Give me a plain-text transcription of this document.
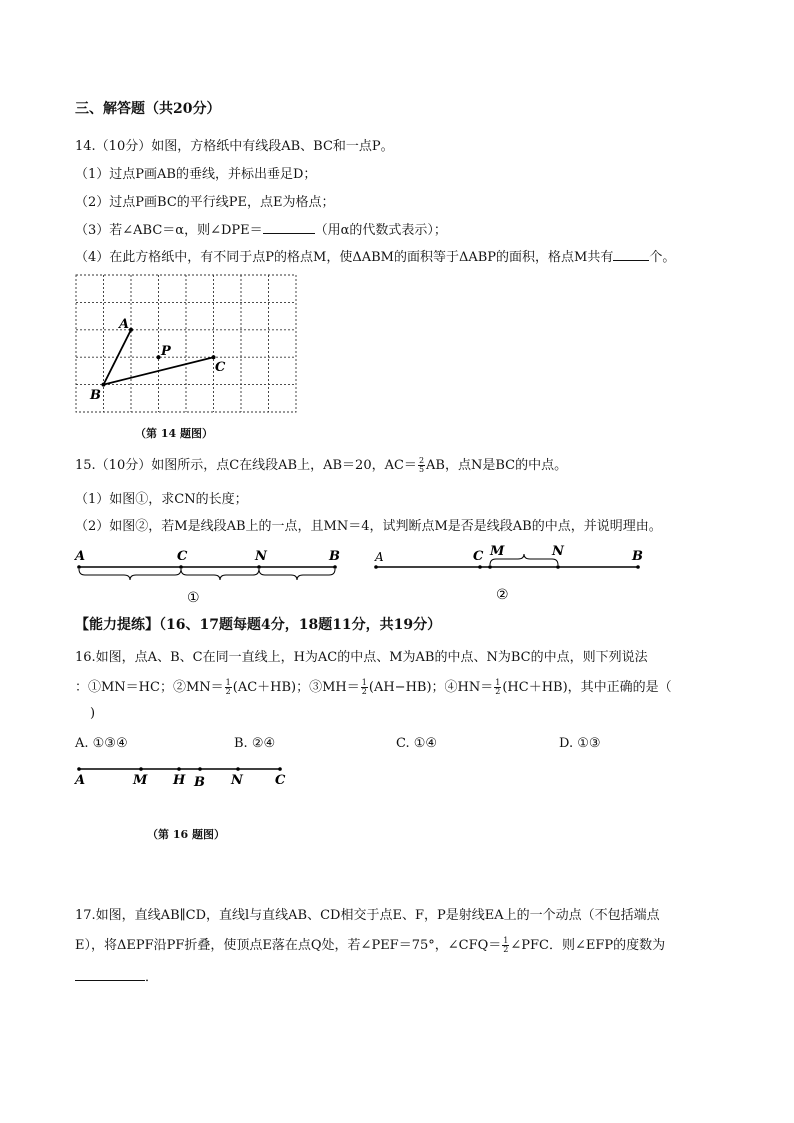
三、解答题（共20分）
14.（10分）如图，方格纸中有线段AB、BC和一点P。
（1）过点P画AB的垂线，并标出垂足D；
（2）过点P画BC的平行线PE，点E为格点；
（3）若∠ABC＝α，则∠DPE＝	（用α的代数式表示）；
（4）在此方格纸中，有不同于点P的格点M，使ΔABM的面积等于ΔABP的面积，格点M共有	个。
A
B
C
P
（第 14 题图）
15.（10分）如图所示，点C在线段AB上，AB＝20，$AC= \frac{2}{5}$ AB，点N是BC的中点。
（1）如图①，求CN的长度；
（2）如图②，若M是线段AB上的一点，且MN＝4，试判断点M是否是线段AB的中点，并说明理由。
A	C	N	B
①
A	C M	N	B
②
【能力提练】（16、17题每题4分，18题11分，共19分）
16.如图，点A、B、C在同一直线上，H为AC的中点、M为AB的中点、N为BC的中点，则下列说法
：①MN＝HC；②MN＝ $\frac{1}{2} (AC+HB)$；③MH＝ $\frac{1}{2} (AH-HB)$；④HN＝ $\frac{1}{2} (HC+HB)$，其中正确的是（
)
A. ①③④	B. ②④	C. ①④	D. ①③
A	M H B N C
（第 16 题图）
17.如图，直线AB∥CD，直线l与直线AB、CD相交于点E、F，P是射线EA上的一个动点（不包括端点
E），将ΔEPF沿PF折叠，使顶点E落在点Q处，若∠PEF＝75°，∠CFQ＝ $\frac{1}{2}$ ∠PFC．则∠EFP的度数为
．
